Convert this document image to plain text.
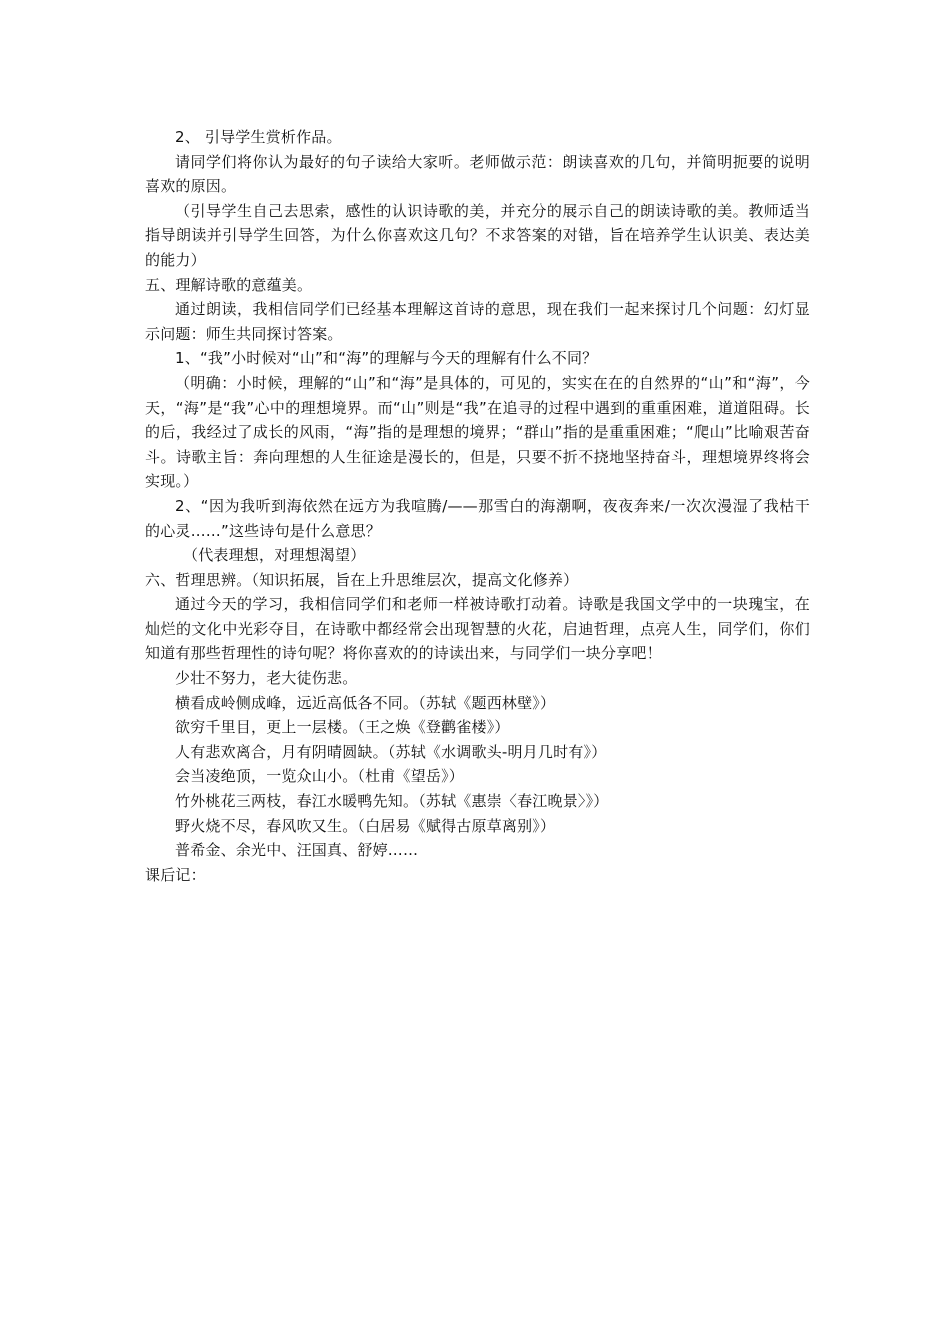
2、 引导学生赏析作品。

请同学们将你认为最好的句子读给大家听。老师做示范：朗读喜欢的几句，并简明扼要的说明喜欢的原因。

（引导学生自己去思索，感性的认识诗歌的美，并充分的展示自己的朗读诗歌的美。教师适当指导朗读并引导学生回答，为什么你喜欢这几句？不求答案的对错，旨在培养学生认识美、表达美的能力）

五、理解诗歌的意蕴美。

通过朗读，我相信同学们已经基本理解这首诗的意思，现在我们一起来探讨几个问题：幻灯显示问题：师生共同探讨答案。

1、“我”小时候对“山”和“海”的理解与今天的理解有什么不同？

（明确：小时候，理解的“山”和“海”是具体的，可见的，实实在在的自然界的“山”和“海”，今天，“海”是“我”心中的理想境界。而“山”则是“我”在追寻的过程中遇到的重重困难，道道阻碍。长的后，我经过了成长的风雨，“海”指的是理想的境界；“群山”指的是重重困难；“爬山”比喻艰苦奋斗。诗歌主旨：奔向理想的人生征途是漫长的，但是，只要不折不挠地坚持奋斗，理想境界终将会实现。）

2、“因为我听到海依然在远方为我喧腾/——那雪白的海潮啊，夜夜奔来/一次次漫湿了我枯干的心灵……”这些诗句是什么意思？

（代表理想，对理想渴望）

六、哲理思辨。（知识拓展，旨在上升思维层次，提高文化修养）

通过今天的学习，我相信同学们和老师一样被诗歌打动着。诗歌是我国文学中的一块瑰宝，在灿烂的文化中光彩夺目，在诗歌中都经常会出现智慧的火花，启迪哲理，点亮人生，同学们，你们知道有那些哲理性的诗句呢？将你喜欢的的诗读出来，与同学们一块分享吧！

少壮不努力，老大徒伤悲。

横看成岭侧成峰，远近高低各不同。（苏轼《题西林壁》）

欲穷千里目，更上一层楼。（王之焕《登鹳雀楼》）

人有悲欢离合，月有阴晴圆缺。（苏轼《水调歌头-明月几时有》）

会当凌绝顶，一览众山小。（杜甫《望岳》）

竹外桃花三两枝，春江水暖鸭先知。（苏轼《惠崇〈春江晚景〉》）

野火烧不尽，春风吹又生。（白居易《赋得古原草离别》）

普希金、余光中、汪国真、舒婷……

课后记：
